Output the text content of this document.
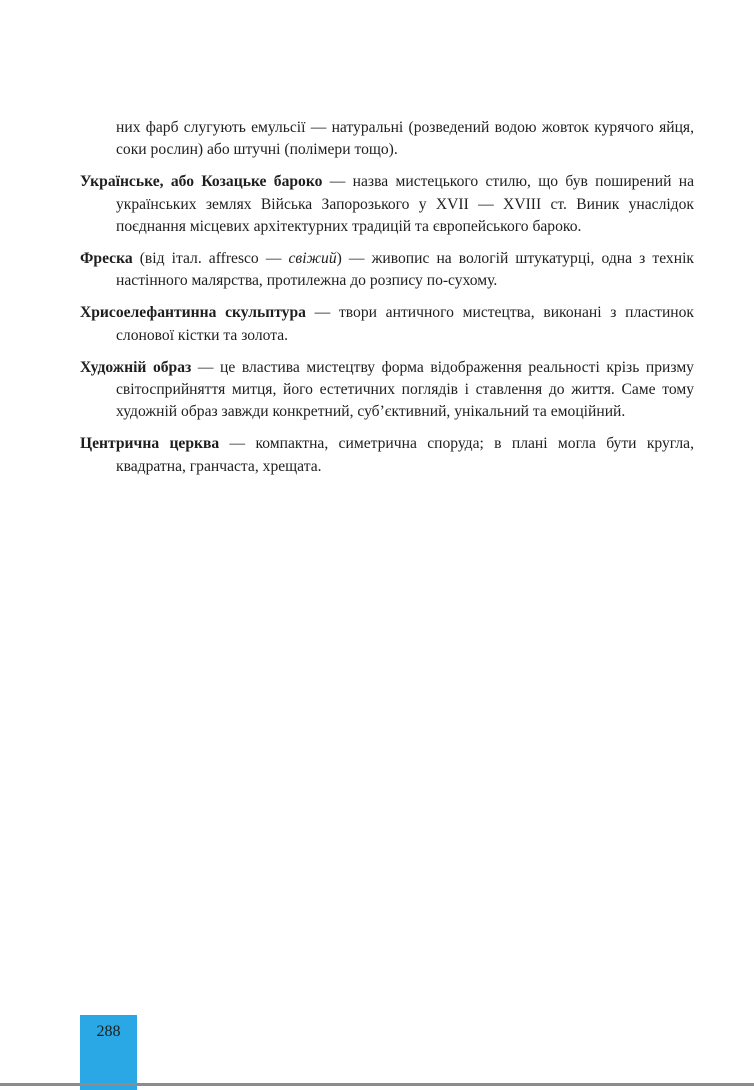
них фарб слугують емульсії — натуральні (розведений водою жовток курячого яйця, соки рослин) або штучні (полімери тощо).

Українське, або Козацьке бароко — назва мистецького стилю, що був поширений на українських землях Війська Запорозького у XVII — XVIII ст. Виник унаслідок поєднання місцевих архітектурних традицій та європейського бароко.

Фреска (від італ. affresco — свіжий) — живопис на вологій штукатурці, одна з технік настінного малярства, протилежна до розпису по-сухому.

Хрисоелефантинна скульптура — твори античного мистецтва, виконані з пластинок слонової кістки та золота.

Художній образ — це властива мистецтву форма відображення реальності крізь призму світосприйняття митця, його естетичних поглядів і ставлення до життя. Саме тому художній образ завжди конкретний, суб’єктивний, унікальний та емоційний.

Центрична церква — компактна, симетрична споруда; в плані могла бути кругла, квадратна, гранчаста, хрещата.

288
